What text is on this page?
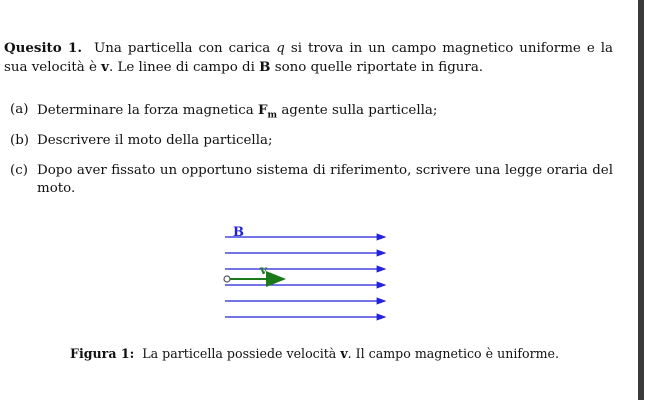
Quesito 1. Una particella con carica q si trova in un campo magnetico uniforme e la sua velocità è v. Le linee di campo di B sono quelle riportate in figura.
(a) Determinare la forza magnetica $F_m$ agente sulla particella;
(b) Descrivere il moto della particella;
(c) Dopo aver fissato un opportuno sistema di riferimento, scrivere una legge oraria del moto.
B
v
Figura 1: La particella possiede velocità v. Il campo magnetico è uniforme.
